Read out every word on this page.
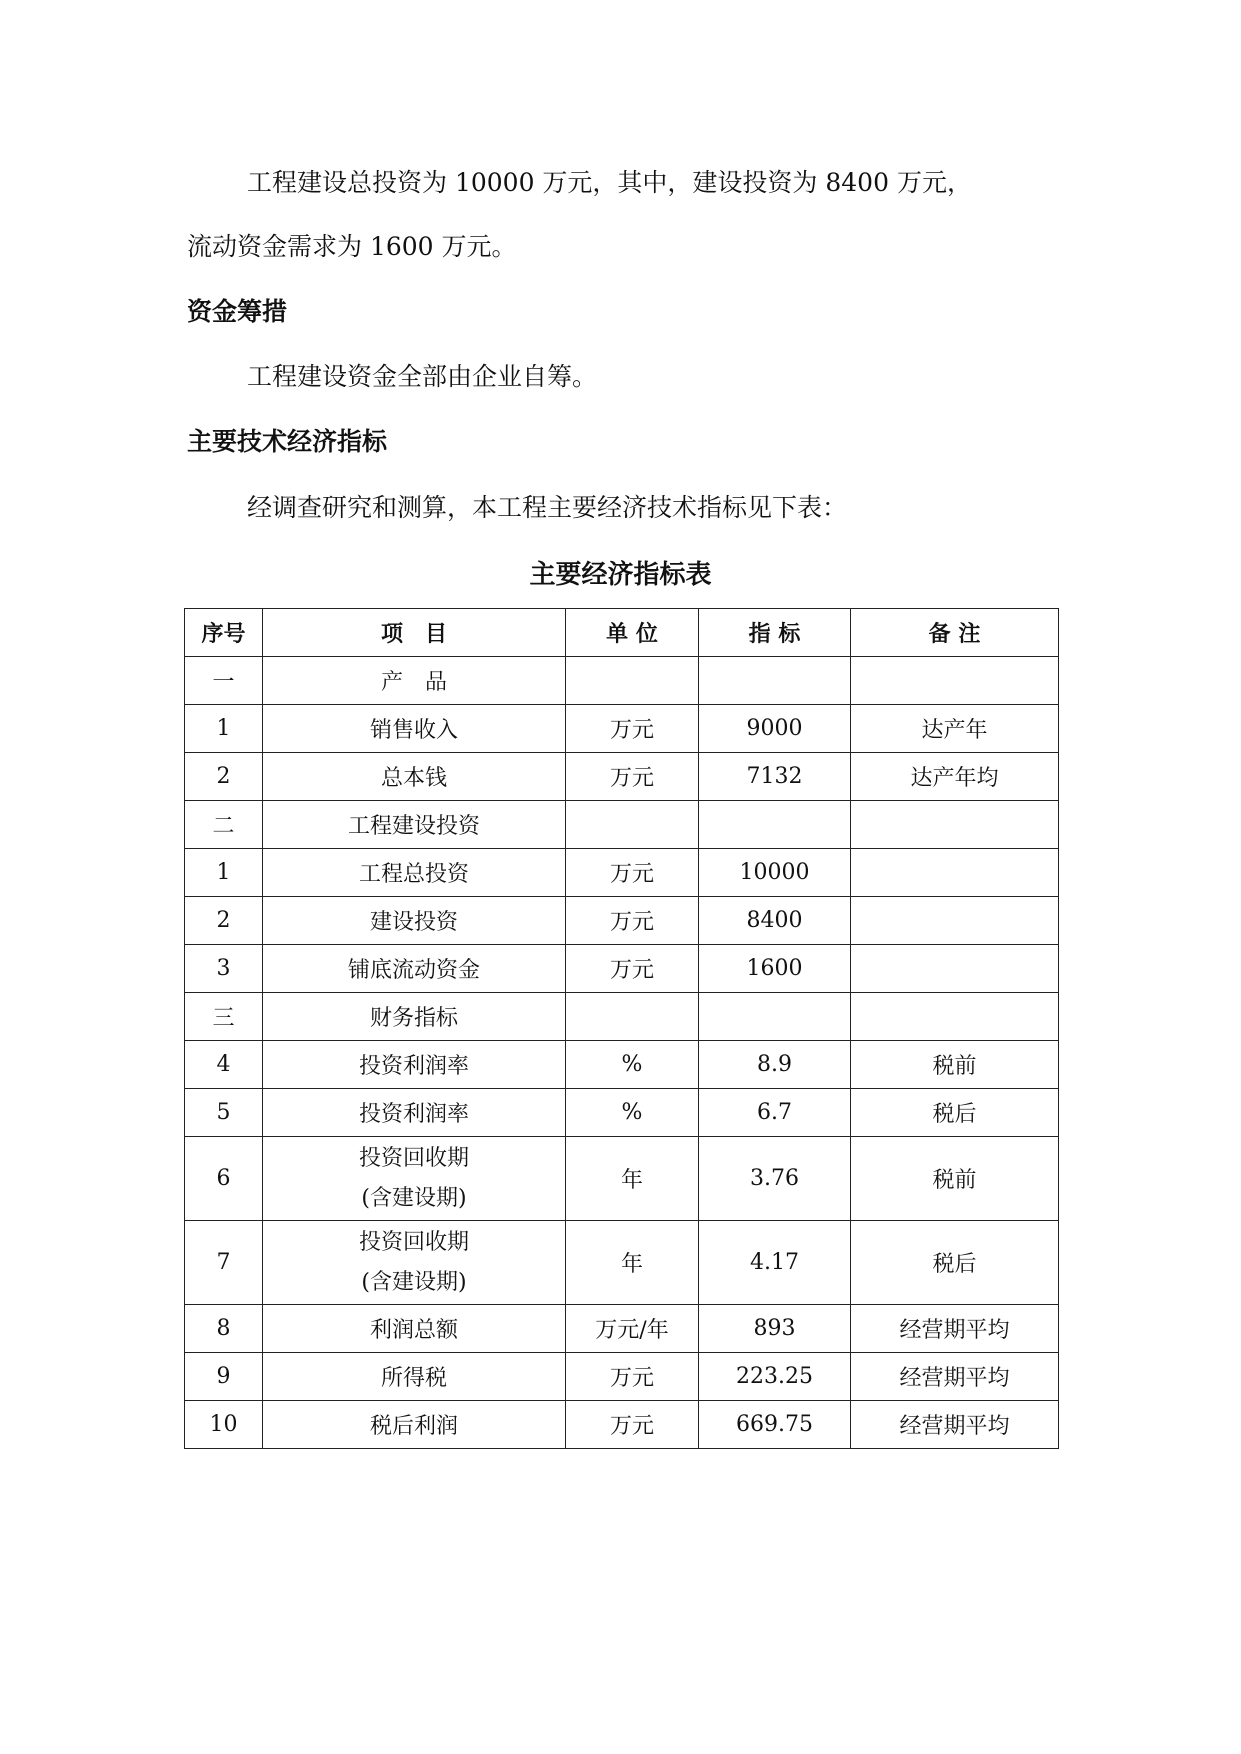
工程建设总投资为 10000 万元，其中，建设投资为 8400 万元，
流动资金需求为 1600 万元。
资金筹措
工程建设资金全部由企业自筹。
主要技术经济指标
经调查研究和测算，本工程主要经济技术指标见下表：
主要经济指标表
序号	项　目	单 位	指 标	备 注
一	产　品			
1	销售收入	万元	9000	达产年
2	总本钱	万元	7132	达产年均
二	工程建设投资			
1	工程总投资	万元	10000	
2	建设投资	万元	8400	
3	铺底流动资金	万元	1600	
三	财务指标			
4	投资利润率	%	8.9	税前
5	投资利润率	%	6.7	税后
6	投资回收期
(含建设期)	年	3.76	税前
7	投资回收期
(含建设期)	年	4.17	税后
8	利润总额	万元/年	893	经营期平均
9	所得税	万元	223.25	经营期平均
10	税后利润	万元	669.75	经营期平均
